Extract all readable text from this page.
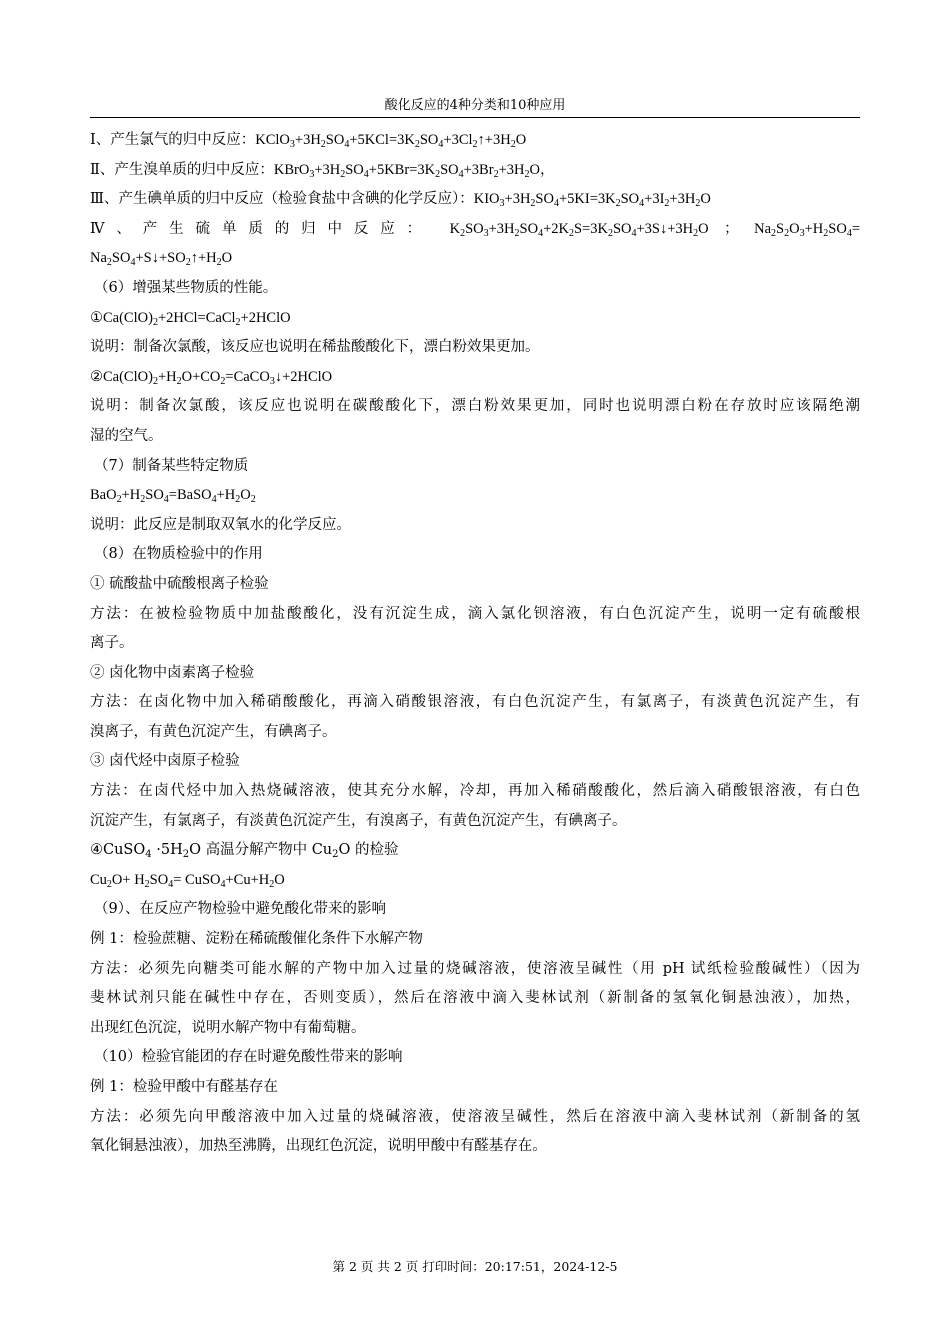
酸化反应的4种分类和10种应用

Ⅰ、产生氯气的归中反应：$KClO_3+3H_2SO_4+5KCl=3K_2SO_4+3Cl_2↑+3H_2O$

Ⅱ、产生溴单质的归中反应：$KBrO_3+3H_2SO_4+5KBr=3K_2SO_4+3Br_2+3H_2O$，

Ⅲ、产生碘单质的归中反应（检验食盐中含碘的化学反应）：$KIO_3+3H_2SO_4+5KI=3K_2SO_4+3I_2+3H_2O$

Ⅳ、产生硫单质的归中反应： $K_2SO_3+3H_2SO_4+2K_2S=3K_2SO_4+3S↓+3H_2O$ ； $Na_2S_2O_3+H_2SO_4=$

$Na_2SO_4+S↓+SO_2↑+H_2O$

（6）增强某些物质的性能。

$①Ca(ClO)_2+2HCl=CaCl_2+2HClO$

说明：制备次氯酸，该反应也说明在稀盐酸酸化下，漂白粉效果更加。

$②Ca(ClO)_2+H_2O+CO_2=CaCO_3↓+2HClO$

说明：制备次氯酸，该反应也说明在碳酸酸化下，漂白粉效果更加，同时也说明漂白粉在存放时应该隔绝潮

湿的空气。

（7）制备某些特定物质

$BaO_2+H_2SO_4=BaSO_4+H_2O_2$

说明：此反应是制取双氧水的化学反应。

（8）在物质检验中的作用

① 硫酸盐中硫酸根离子检验

方法：在被检验物质中加盐酸酸化，没有沉淀生成，滴入氯化钡溶液，有白色沉淀产生，说明一定有硫酸根

离子。

② 卤化物中卤素离子检验

方法：在卤化物中加入稀硝酸酸化，再滴入硝酸银溶液，有白色沉淀产生，有氯离子，有淡黄色沉淀产生，有

溴离子，有黄色沉淀产生，有碘离子。

③ 卤代烃中卤原子检验

方法：在卤代烃中加入热烧碱溶液，使其充分水解，冷却，再加入稀硝酸酸化，然后滴入硝酸银溶液，有白色

沉淀产生，有氯离子，有淡黄色沉淀产生，有溴离子，有黄色沉淀产生，有碘离子。

④CuSO$_4$ $\cdot 5H_2O$ 高温分解产物中 $Cu_2O$ 的检验

$Cu_2O+ H_2SO_4=$ $CuSO_4+Cu+H_2O$

（9）、在反应产物检验中避免酸化带来的影响

例 1：检验蔗糖、淀粉在稀硫酸催化条件下水解产物

方法：必须先向糖类可能水解的产物中加入过量的烧碱溶液，使溶液呈碱性（用 pH 试纸检验酸碱性）（因为

斐林试剂只能在碱性中存在，否则变质），然后在溶液中滴入斐林试剂（新制备的氢氧化铜悬浊液），加热，

出现红色沉淀，说明水解产物中有葡萄糖。

（10）检验官能团的存在时避免酸性带来的影响

例 1：检验甲酸中有醛基存在

方法：必须先向甲酸溶液中加入过量的烧碱溶液，使溶液呈碱性，然后在溶液中滴入斐林试剂（新制备的氢

氧化铜悬浊液），加热至沸腾，出现红色沉淀，说明甲酸中有醛基存在。

第 2 页 共 2 页 打印时间：20:17:51，2024-12-5
